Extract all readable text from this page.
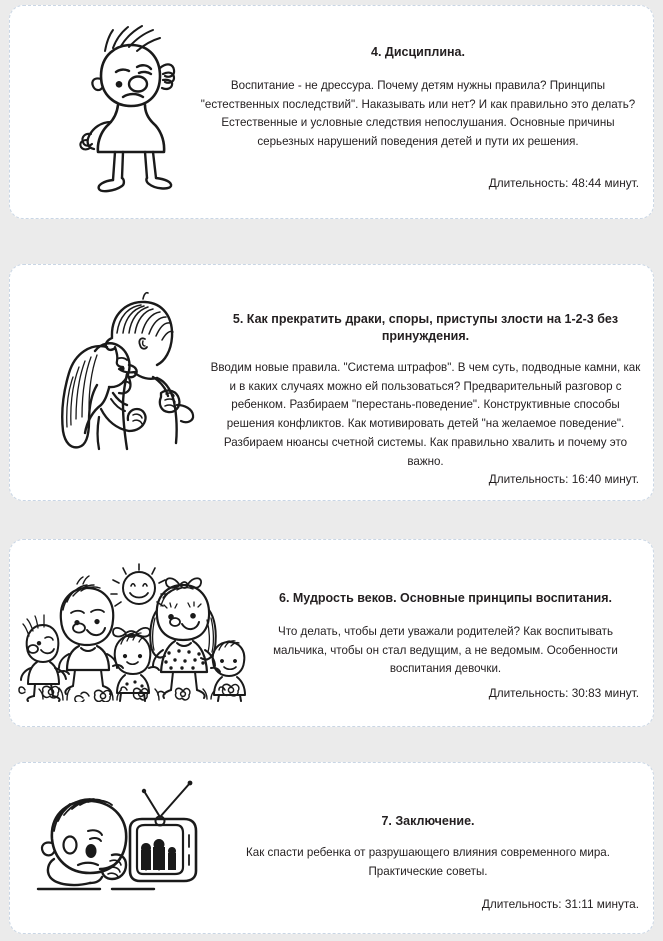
4. Дисциплина.

Воспитание - не дрессура. Почему детям нужны правила? Принципы "естественных последствий". Наказывать или нет? И как правильно это делать? Естественные и условные следствия непослушания. Основные причины серьезных нарушений поведения детей и пути их решения.

Длительность: 48:44 минут.
5. Как прекратить драки, споры, приступы злости на 1-2-3 без принуждения.

Вводим новые правила. "Система штрафов". В чем суть, подводные камни, как и в каких случаях можно ей пользоваться? Предварительный разговор с ребенком. Разбираем "перестань-поведение". Конструктивные способы решения конфликтов. Как мотивировать детей "на желаемое поведение". Разбираем нюансы счетной системы. Как правильно хвалить и почему это важно.

Длительность: 16:40 минут.
6. Мудрость веков. Основные принципы воспитания.

Что делать, чтобы дети уважали родителей? Как воспитывать мальчика, чтобы он стал ведущим, а не ведомым. Особенности воспитания девочки.

Длительность: 30:83 минут.
7. Заключение.

Как спасти ребенка от разрушающего влияния современного мира. Практические советы.

Длительность: 31:11 минута.
